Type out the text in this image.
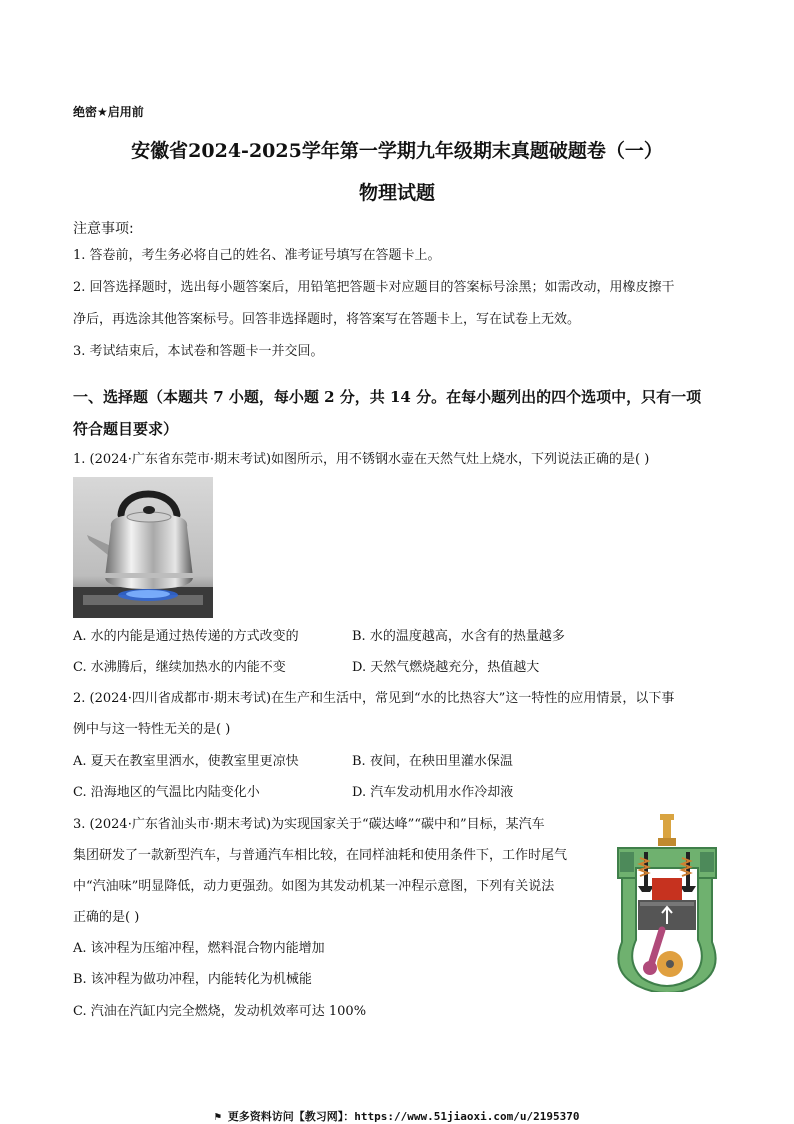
绝密★启用前
安徽省2024-2025学年第一学期九年级期末真题破题卷（一）
物理试题
注意事项:
1. 答卷前，考生务必将自己的姓名、准考证号填写在答题卡上。
2. 回答选择题时，选出每小题答案后，用铅笔把答题卡对应题目的答案标号涂黑；如需改动，用橡皮擦干
净后，再选涂其他答案标号。回答非选择题时，将答案写在答题卡上，写在试卷上无效。
3. 考试结束后，本试卷和答题卡一并交回。
一、选择题（本题共 7 小题，每小题 2 分，共 14 分。在每小题列出的四个选项中，只有一项
符合题目要求）
1. (2024·广东省东莞市·期末考试)如图所示，用不锈钢水壶在天然气灶上烧水，下列说法正确的是( )
A. 水的内能是通过热传递的方式改变的	B. 水的温度越高，水含有的热量越多
C. 水沸腾后，继续加热水的内能不变	D. 天然气燃烧越充分，热值越大
2. (2024·四川省成都市·期末考试)在生产和生活中，常见到“水的比热容大”这一特性的应用情景，以下事
例中与这一特性无关的是( )
A. 夏天在教室里洒水，使教室里更凉快	B. 夜间，在秧田里灌水保温
C. 沿海地区的气温比内陆变化小	D. 汽车发动机用水作冷却液
3. (2024·广东省汕头市·期末考试)为实现国家关于“碳达峰”“碳中和”目标，某汽车
集团研发了一款新型汽车，与普通汽车相比较，在同样油耗和使用条件下，工作时尾气
中“汽油味”明显降低，动力更强劲。如图为其发动机某一冲程示意图，下列有关说法
正确的是( )
A. 该冲程为压缩冲程，燃料混合物内能增加
B. 该冲程为做功冲程，内能转化为机械能
C. 汽油在汽缸内完全燃烧，发动机效率可达 100%
⚑ 更多资料访问【教习网】：https://www.51jiaoxi.com/u/2195370
